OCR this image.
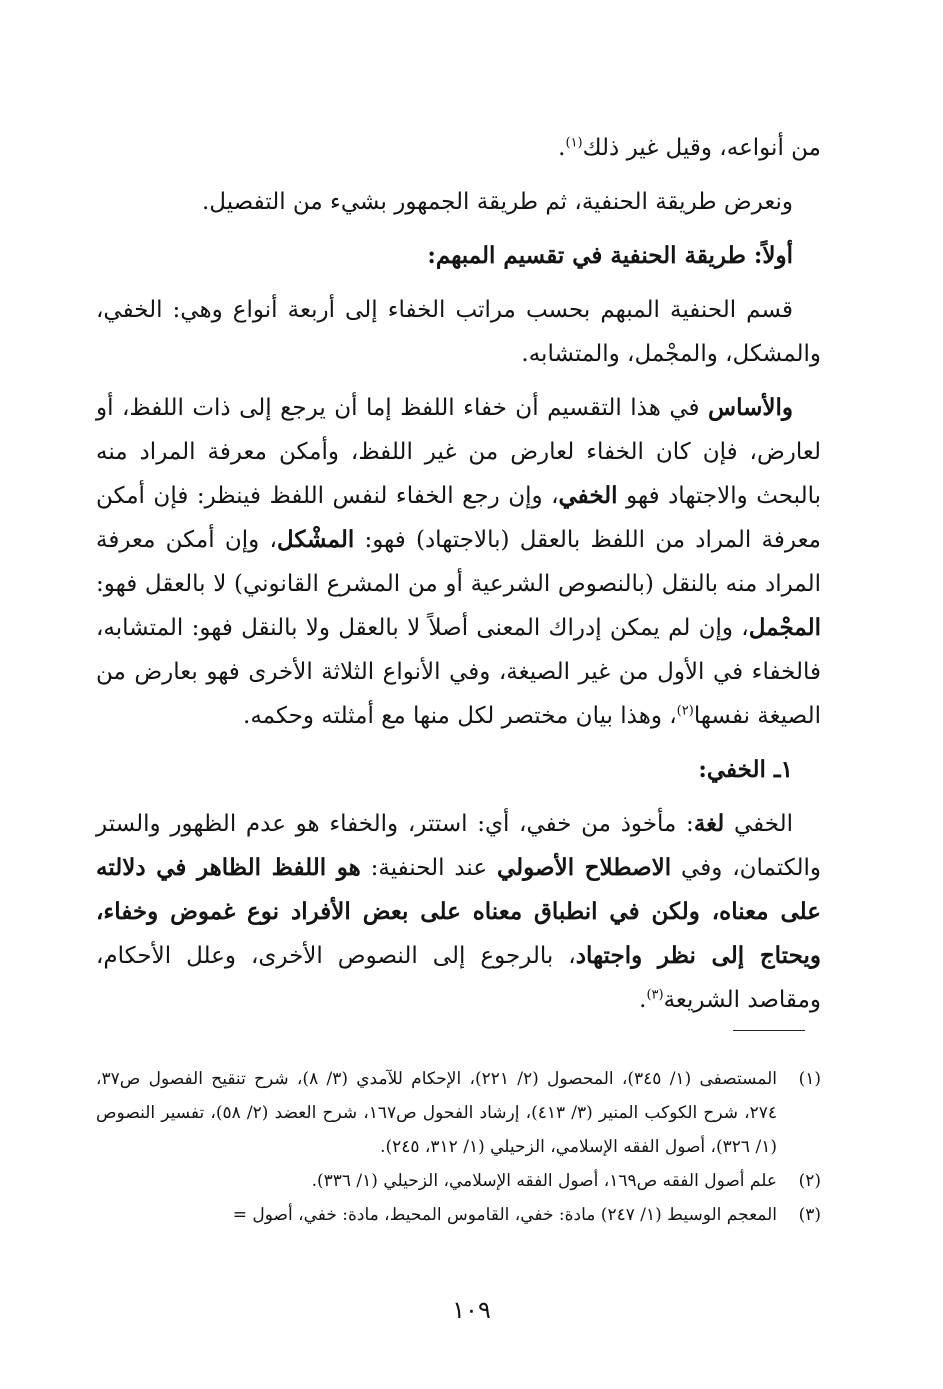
من أنواعه، وقيل غير ذلك$^{(١)}$.

ونعرض طريقة الحنفية، ثم طريقة الجمهور بشيء من التفصيل.

أولاً: طريقة الحنفية في تقسيم المبهم:

قسم الحنفية المبهم بحسب مراتب الخفاء إلى أربعة أنواع وهي: الخفي، والمشكل، والمجْمل، والمتشابه.

والأساس في هذا التقسيم أن خفاء اللفظ إما أن يرجع إلى ذات اللفظ، أو لعارض، فإن كان الخفاء لعارض من غير اللفظ، وأمكن معرفة المراد منه بالبحث والاجتهاد فهو الخفي، وإن رجع الخفاء لنفس اللفظ فينظر: فإن أمكن معرفة المراد من اللفظ بالعقل (بالاجتهاد) فهو: المشْكل، وإن أمكن معرفة المراد منه بالنقل (بالنصوص الشرعية أو من المشرع القانوني) لا بالعقل فهو: المجْمل، وإن لم يمكن إدراك المعنى أصلاً لا بالعقل ولا بالنقل فهو: المتشابه، فالخفاء في الأول من غير الصيغة، وفي الأنواع الثلاثة الأخرى فهو بعارض من الصيغة نفسها$^{(٢)}$، وهذا بيان مختصر لكل منها مع أمثلته وحكمه.

١ـ الخفي:

الخفي لغة: مأخوذ من خفي، أي: استتر، والخفاء هو عدم الظهور والستر والكتمان، وفي الاصطلاح الأصولي عند الحنفية: هو اللفظ الظاهر في دلالته على معناه، ولكن في انطباق معناه على بعض الأفراد نوع غموض وخفاء، ويحتاج إلى نظر واجتهاد، بالرجوع إلى النصوص الأخرى، وعلل الأحكام، ومقاصد الشريعة$^{(٣)}$.

(١)
المستصفى (١/ ٣٤٥)، المحصول (٢/ ٢٢١)، الإحكام للآمدي (٣/ ٨)، شرح تنقيح الفصول ص٣٧، ٢٧٤، شرح الكوكب المنير (٣/ ٤١٣)، إرشاد الفحول ص١٦٧، شرح العضد (٢/ ٥٨)، تفسير النصوص (١/ ٣٢٦)، أصول الفقه الإسلامي، الزحيلي (١/ ٣١٢، ٢٤٥).
(٢)
علم أصول الفقه ص١٦٩، أصول الفقه الإسلامي، الزحيلي (١/ ٣٣٦).
(٣)
المعجم الوسيط (١/ ٢٤٧) مادة: خفي، القاموس المحيط، مادة: خفي، أصول =
١٠٩
